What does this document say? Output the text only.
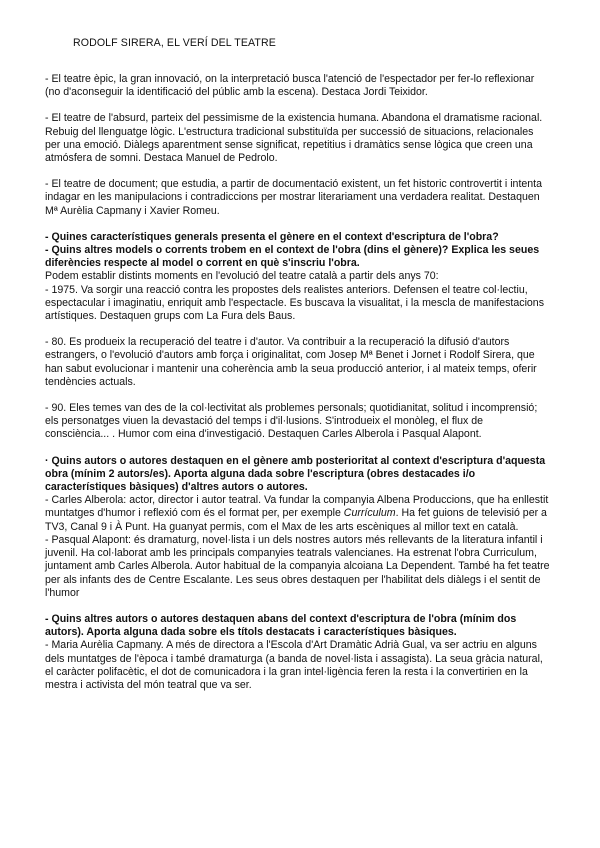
RODOLF SIRERA, EL VERÍ DEL TEATRE

- El teatre èpic, la gran innovació, on la interpretació busca l'atenció de l'espectador per fer-lo reflexionar (no d'aconseguir la identificació del públic amb la escena). Destaca Jordi Teixidor.

- El teatre de l'absurd, parteix del pessimisme de la existencia humana. Abandona el dramatisme racional. Rebuig del llenguatge lògic. L'estructura tradicional substituïda per successió de situacions, relacionales per una emoció. Diàlegs aparentment sense significat, repetitius i dramàtics sense lògica que creen una atmósfera de somni. Destaca Manuel de Pedrolo.

- El teatre de document; que estudia, a partir de documentació existent, un fet historic controvertit i intenta indagar en les manipulacions i contradiccions per mostrar literariament una verdadera realitat. Destaquen Mª Aurèlia Capmany i Xavier Romeu.

- Quines característiques generals presenta el gènere en el context d'escriptura de l'obra?

- Quins altres models o corrents trobem en el context de l'obra (dins el gènere)? Explica les seues diferències respecte al model o corrent en què s'inscriu l'obra.

Podem establir distints moments en l'evolució del teatre català a partir dels anys 70:

- 1975. Va sorgir una reacció contra les propostes dels realistes anteriors. Defensen el teatre col·lectiu, espectacular i imaginatiu, enriquit amb l'espectacle. Es buscava la visualitat, i la mescla de manifestacions artístiques. Destaquen grups com La Fura dels Baus.

- 80. Es produeix la recuperació del teatre i d'autor. Va contribuir a la recuperació la difusió d'autors estrangers, o l'evolució d'autors amb força i originalitat, com Josep Mª Benet i Jornet i Rodolf Sirera, que han sabut evolucionar i mantenir una coherència amb la seua producció anterior, i al mateix temps, oferir tendències actuals.

- 90. Eles temes van des de la col·lectivitat als problemes personals; quotidianitat, solitud i incomprensió; els personatges viuen la devastació del temps i d'il·lusions. S'introdueix el monòleg, el flux de consciència... . Humor com eina d'investigació. Destaquen Carles Alberola i Pasqual Alapont.

· Quins autors o autores destaquen en el gènere amb posterioritat al context d'escriptura d'aquesta obra (mínim 2 autors/es). Aporta alguna dada sobre l'escriptura (obres destacades i/o característiques bàsiques) d'altres autors o autores.

- Carles Alberola: actor, director i autor teatral. Va fundar la companyia Albena Produccions, que ha enllestit muntatges d'humor i reflexió com és el format per, per exemple Currículum. Ha fet guions de televisió per a TV3, Canal 9 i À Punt. Ha guanyat permis, com el Max de les arts escèniques al millor text en català.

- Pasqual Alapont: és dramaturg, novel·lista i un dels nostres autors més rellevants de la literatura infantil i juvenil. Ha col·laborat amb les principals companyies teatrals valencianes. Ha estrenat l'obra Curriculum, juntament amb Carles Alberola. Autor habitual de la companyia alcoiana La Dependent. També ha fet teatre per als infants des de Centre Escalante. Les seus obres destaquen per l'habilitat dels diàlegs i el sentit de l'humor

- Quins altres autors o autores destaquen abans del context d'escriptura de l'obra (mínim dos autors). Aporta alguna dada sobre els títols destacats i característiques bàsiques.

- Maria Aurèlia Capmany. A més de directora a l'Escola d'Art Dramàtic Adrià Gual, va ser actriu en alguns dels muntatges de l'època i també dramaturga (a banda de novel·lista i assagista). La seua gràcia natural, el caràcter polifacètic, el dot de comunicadora i la gran intel·ligència feren la resta i la convertirien en la mestra i activista del món teatral que va ser.
